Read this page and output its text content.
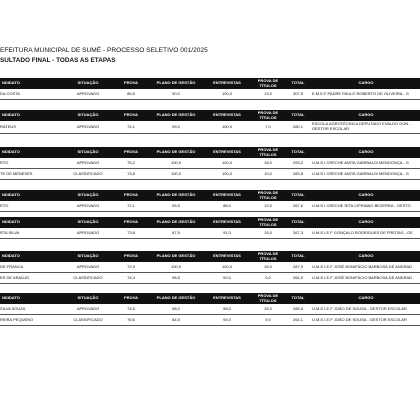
EFEITURA MUNICIPAL DE SUMÉ - PROCESSO SELETIVO 001/2025
SULTADO FINAL - TODAS AS ETAPAS
NDIDATO	SITUAÇÃO	PROVA	PLANO DE GESTÃO	ENTREVISTAS	PROVA DE TÍTULOS	TOTAL	CARGO
DA COSTA	APROVADO	86,5	90,0	100,0	13,0	307,5	E.M.E.F PADRE PAULO ROBERTO DE OLIVEIRA - G
NDIDATO	SITUAÇÃO	PROVA	PLANO DE GESTÃO	ENTREVISTAS	PROVA DE TÍTULOS	TOTAL	CARGO
RATEUS	APROVADO	74,1	99,0	100,0	7,0	280,1	ESCOLA AGROTÉCNICA DEPUTADO EVALDO GON - GESTOR ESCOLAR
NDIDATO	SITUAÇÃO	PROVA	PLANO DE GESTÃO	ENTREVISTAS	PROVA DE TÍTULOS	TOTAL	CARGO
RTO	APROVADO	75,2	100,0	100,0	18,0	293,2	U.M.E.I CRECHE ANITA GARIBALDI MENDONÇA - G
TE DE MENESES	CLASSIFICADO	73,8	100,0	100,0	10,0	283,8	U.M.E.I CRECHE ANITA GARIBALDI MENDONÇA - G
NDIDATO	SITUAÇÃO	PROVA	PLANO DE GESTÃO	ENTREVISTAS	PROVA DE TÍTULOS	TOTAL	CARGO
RTO	APROVADO	72,1	95,5	88,0	12,0	267,6	U.M.E.I CRECHE RITA CIPRIANO BEZERRA - GESTO
NDIDATO	SITUAÇÃO	PROVA	PLANO DE GESTÃO	ENTREVISTAS	PROVA DE TÍTULOS	TOTAL	CARGO
RTA SILVA	APROVADO	73,8	87,5	91,0	15,0	267,3	U.M.E.I.E.F GONÇALO RODRIGUES DE FREITAS - GE
NDIDATO	SITUAÇÃO	PROVA	PLANO DE GESTÃO	ENTREVISTAS	PROVA DE TÍTULOS	TOTAL	CARGO
DE FRANCA	APROVADO	72,9	100,0	100,0	15,0	287,9	U.M.E.I.E.F JOSÉ BONIFÁCIO BARBOSA DE ANDRAD
ES DE ARAÚJO	CLASSIFICADO	74,4	98,5	92,0	0,0	264,9	U.M.E.I.E.F JOSÉ BONIFÁCIO BARBOSA DE ANDRAD
NDIDATO	SITUAÇÃO	PROVA	PLANO DE GESTÃO	ENTREVISTAS	PROVA DE TÍTULOS	TOTAL	CARGO
SILVA SOUZA	APROVADO	74,5	98,0	98,0	15,0	285,5	U.M.E.I.E.F JOÃO DE SOUSA - GESTOR ESCOLAR
REIRA PEQUENO	CLASSIFICADO	76,6	84,5	94,0	9,0	264,1	U.M.E.I.E.F JOÃO DE SOUSA - GESTOR ESCOLAR
